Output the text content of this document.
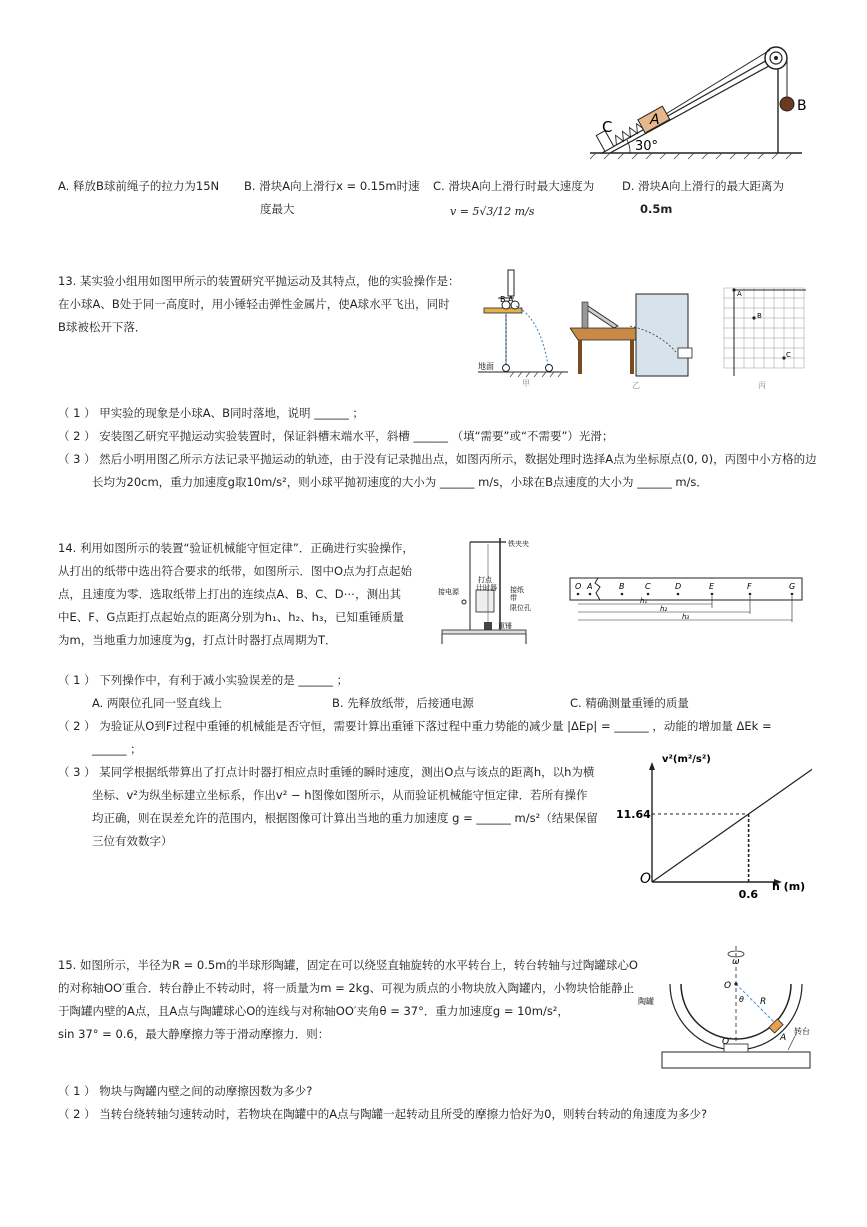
C	A
B
30°
A. 释放B球前绳子的拉力为15N B. 滑块A向上滑行x = 0.15m时速
度最大
C. 滑块A向上滑行时最大速度为
v = 5√3/12 m/s
D. 滑块A向上滑行的最大距离为
0.5m
13. 某实验小组用如图甲所示的装置研究平抛运动及其特点，他的实验操作是：
在小球A、B处于同一高度时，用小锤轻击弹性金属片，使A球水平飞出，同时
B球被松开下落．
B A
地面
甲	乙
A
B
C
丙
（ 1 ） 甲实验的现象是小球A、B同时落地，说明 ______ ；
（ 2 ） 安装图乙研究平抛运动实验装置时，保证斜槽末端水平，斜槽 ______ （填“需要”或“不需要”）光滑；
（ 3 ） 然后小明用图乙所示方法记录平抛运动的轨迹，由于没有记录抛出点，如图丙所示，数据处理时选择A点为坐标原点(0, 0)，丙图中小方格的边
长均为20cm，重力加速度g取10m/s²，则小球平抛初速度的大小为 ______ m/s，小球在B点速度的大小为 ______ m/s．
14. 利用如图所示的装置“验证机械能守恒定律”．正确进行实验操作，
从打出的纸带中选出符合要求的纸带，如图所示．图中O点为打点起始
点，且速度为零．选取纸带上打出的连续点A、B、C、D⋯，测出其
中E、F、G点距打点起始点的距离分别为h₁、h₂、h₃，已知重锤质量
为m，当地重力加速度为g，打点计时器打点周期为T．
铁夹夹
打点
计时器
接电源	接纸
带
限位孔
重锤
O A	B	C	D	E	F	G
h₁
h₂
h₃
（ 1 ） 下列操作中，有利于减小实验误差的是 ______ ；
A. 两限位孔同一竖直线上	B. 先释放纸带，后接通电源	C. 精确测量重锤的质量
（ 2 ） 为验证从O到F过程中重锤的机械能是否守恒，需要计算出重锤下落过程中重力势能的减少量 |ΔEp| = ______ ，动能的增加量 ΔEk =
______ ；
（ 3 ） 某同学根据纸带算出了打点计时器打相应点时重锤的瞬时速度，测出O点与该点的距离h，以h为横
坐标、v²为纵坐标建立坐标系，作出v² − h图像如图所示，从而验证机械能守恒定律．若所有操作
均正确，则在误差允许的范围内，根据图像可计算出当地的重力加速度 g = ______ m/s²（结果保留
三位有效数字）
v²(m²/s²)
h (m)
O
11.64
0.6
15. 如图所示，半径为R = 0.5m的半球形陶罐，固定在可以绕竖直轴旋转的水平转台上，转台转轴与过陶罐球心O
的对称轴OO′重合．转台静止不转动时，将一质量为m = 2kg、可视为质点的小物块放入陶罐内，小物块恰能静止
于陶罐内壁的A点，且A点与陶罐球心O的连线与对称轴OO′夹角θ = 37°．重力加速度g = 10m/s²，
sin 37° = 0.6，最大静摩擦力等于滑动摩擦力．则：
ω
O
O′
R
θ
A
陶罐
转台
（ 1 ） 物块与陶罐内壁之间的动摩擦因数为多少?
（ 2 ） 当转台绕转轴匀速转动时，若物块在陶罐中的A点与陶罐一起转动且所受的摩擦力恰好为0，则转台转动的角速度为多少?
